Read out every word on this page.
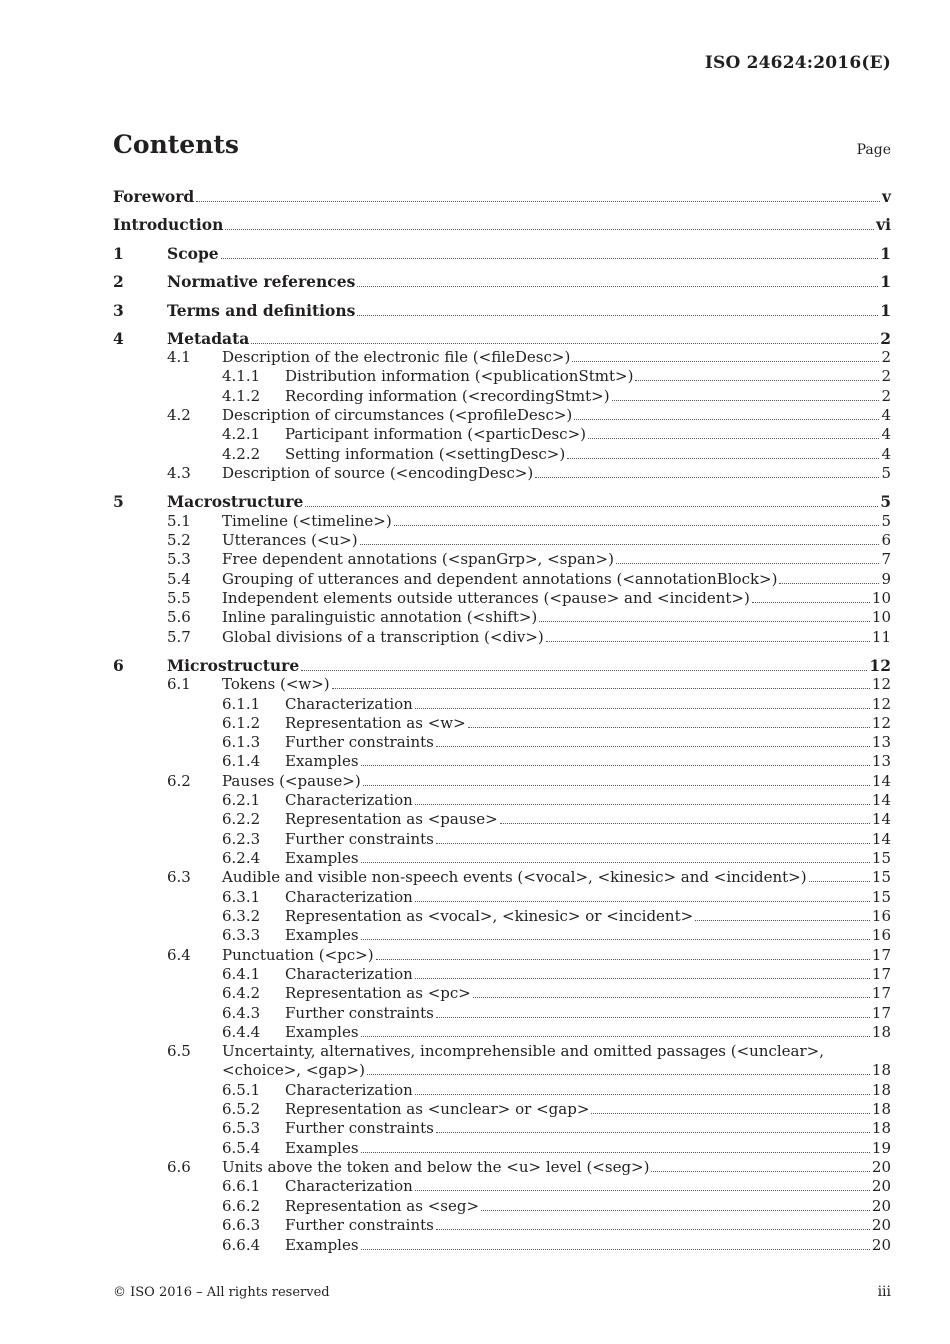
ISO 24624:2016(E)
Contents	Page
Foreword	v
Introduction	vi
1	Scope	1
2	Normative references	1
3	Terms and definitions	1
4	Metadata	2
4.1 Description of the electronic file (<fileDesc>)	2
4.1.1 Distribution information (<publicationStmt>)	2
4.1.2 Recording information (<recordingStmt>)	2
4.2 Description of circumstances (<profileDesc>)	4
4.2.1 Participant information (<particDesc>)	4
4.2.2 Setting information (<settingDesc>)	4
4.3 Description of source (<encodingDesc>)	5
5	Macrostructure	5
5.1 Timeline (<timeline>)	5
5.2 Utterances (<u>)	6
5.3 Free dependent annotations (<spanGrp>, <span>)	7
5.4 Grouping of utterances and dependent annotations (<annotationBlock>)	9
5.5 Independent elements outside utterances (<pause> and <incident>)	10
5.6 Inline paralinguistic annotation (<shift>)	10
5.7 Global divisions of a transcription (<div>)	11
6	Microstructure	12
6.1 Tokens (<w>)	12
6.1.1 Characterization	12
6.1.2 Representation as <w>	12
6.1.3 Further constraints	13
6.1.4 Examples	13
6.2 Pauses (<pause>)	14
6.2.1 Characterization	14
6.2.2 Representation as <pause>	14
6.2.3 Further constraints	14
6.2.4 Examples	15
6.3 Audible and visible non-speech events (<vocal>, <kinesic> and <incident>)	15
6.3.1 Characterization	15
6.3.2 Representation as <vocal>, <kinesic> or <incident>	16
6.3.3 Examples	16
6.4 Punctuation (<pc>)	17
6.4.1 Characterization	17
6.4.2 Representation as <pc>	17
6.4.3 Further constraints	17
6.4.4 Examples	18
6.5 Uncertainty, alternatives, incomprehensible and omitted passages (<unclear>,
<choice>, <gap>)	18
6.5.1 Characterization	18
6.5.2 Representation as <unclear> or <gap>	18
6.5.3 Further constraints	18
6.5.4 Examples	19
6.6 Units above the token and below the <u> level (<seg>)	20
6.6.1 Characterization	20
6.6.2 Representation as <seg>	20
6.6.3 Further constraints	20
6.6.4 Examples	20
© ISO 2016 – All rights reserved	iii
